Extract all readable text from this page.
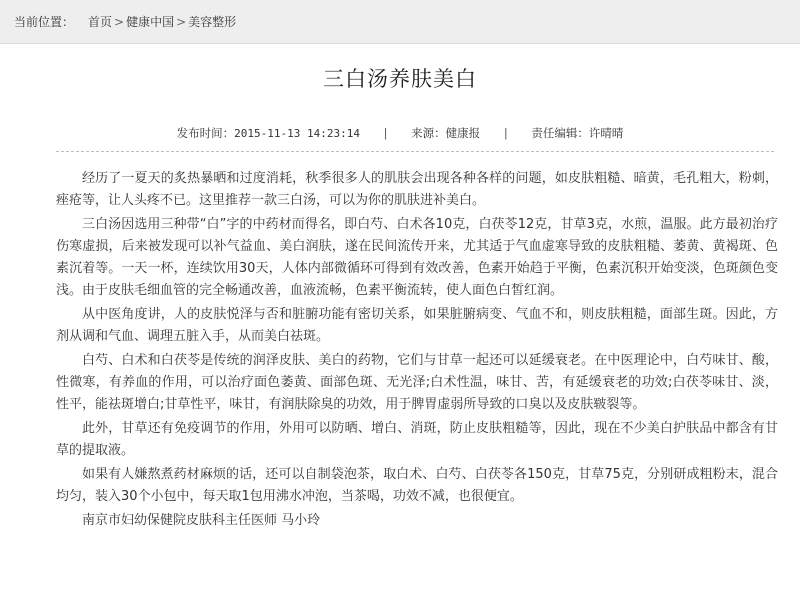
当前位置： 首页 > 健康中国 > 美容整形
三白汤养肤美白
发布时间：2015-11-13 14:23:14 | 来源：健康报 | 责任编辑：许晴晴

经历了一夏天的炙热暴晒和过度消耗，秋季很多人的肌肤会出现各种各样的问题，如皮肤粗糙、暗黄，毛孔粗大，粉刺，痤疮等，让人头疼不已。这里推荐一款三白汤，可以为你的肌肤进补美白。

三白汤因选用三种带“白”字的中药材而得名，即白芍、白术各10克，白茯苓12克，甘草3克，水煎，温服。此方最初治疗伤寒虚损，后来被发现可以补气益血、美白润肤，遂在民间流传开来，尤其适于气血虚寒导致的皮肤粗糙、萎黄、黄褐斑、色素沉着等。一天一杯，连续饮用30天，人体内部微循环可得到有效改善，色素开始趋于平衡，色素沉积开始变淡，色斑颜色变浅。由于皮肤毛细血管的完全畅通改善，血液流畅，色素平衡流转，使人面色白皙红润。

从中医角度讲，人的皮肤悦泽与否和脏腑功能有密切关系，如果脏腑病变、气血不和，则皮肤粗糙，面部生斑。因此，方剂从调和气血、调理五脏入手，从而美白祛斑。

白芍、白术和白茯苓是传统的润泽皮肤、美白的药物，它们与甘草一起还可以延缓衰老。在中医理论中，白芍味甘、酸，性微寒，有养血的作用，可以治疗面色萎黄、面部色斑、无光泽;白术性温，味甘、苦，有延缓衰老的功效;白茯苓味甘、淡，性平，能祛斑增白;甘草性平，味甘，有润肤除臭的功效，用于脾胃虚弱所导致的口臭以及皮肤皲裂等。

此外，甘草还有免疫调节的作用，外用可以防晒、增白、消斑，防止皮肤粗糙等，因此，现在不少美白护肤品中都含有甘草的提取液。

如果有人嫌熬煮药材麻烦的话，还可以自制袋泡茶，取白术、白芍、白茯苓各150克，甘草75克，分别研成粗粉末，混合均匀，装入30个小包中，每天取1包用沸水冲泡，当茶喝，功效不减，也很便宜。

南京市妇幼保健院皮肤科主任医师 马小玲
